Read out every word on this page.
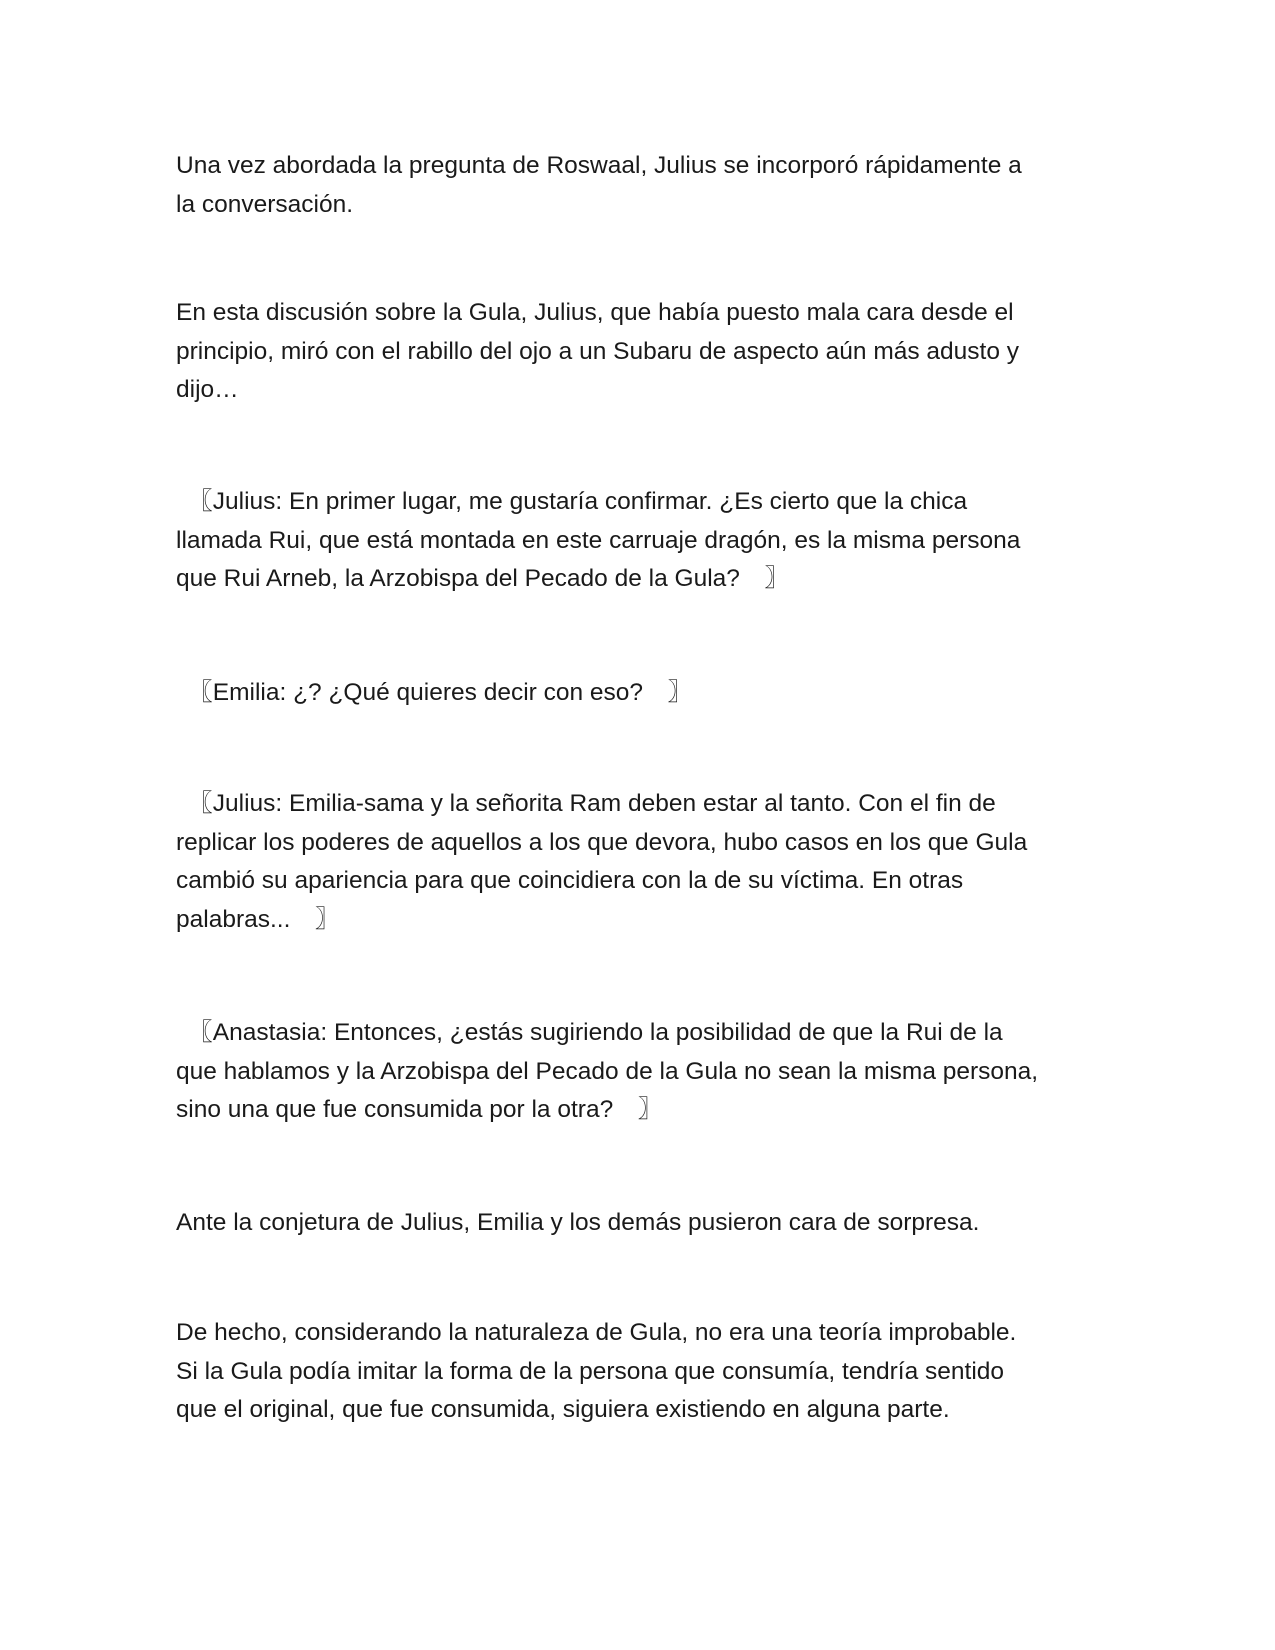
Una vez abordada la pregunta de Roswaal, Julius se incorporó rápidamente a
la conversación.

En esta discusión sobre la Gula, Julius, que había puesto mala cara desde el
principio, miró con el rabillo del ojo a un Subaru de aspecto aún más adusto y
dijo…

　〖Julius: En primer lugar, me gustaría confirmar. ¿Es cierto que la chica
llamada Rui, que está montada en este carruaje dragón, es la misma persona
que Rui Arneb, la Arzobispa del Pecado de la Gula?　〗

　〖Emilia: ¿? ¿Qué quieres decir con eso?　〗

　〖Julius: Emilia-sama y la señorita Ram deben estar al tanto. Con el fin de
replicar los poderes de aquellos a los que devora, hubo casos en los que Gula
cambió su apariencia para que coincidiera con la de su víctima. En otras
palabras...　〗

　〖Anastasia: Entonces, ¿estás sugiriendo la posibilidad de que la Rui de la
que hablamos y la Arzobispa del Pecado de la Gula no sean la misma persona,
sino una que fue consumida por la otra?　〗

Ante la conjetura de Julius, Emilia y los demás pusieron cara de sorpresa.

De hecho, considerando la naturaleza de Gula, no era una teoría improbable.
Si la Gula podía imitar la forma de la persona que consumía, tendría sentido
que el original, que fue consumida, siguiera existiendo en alguna parte.
